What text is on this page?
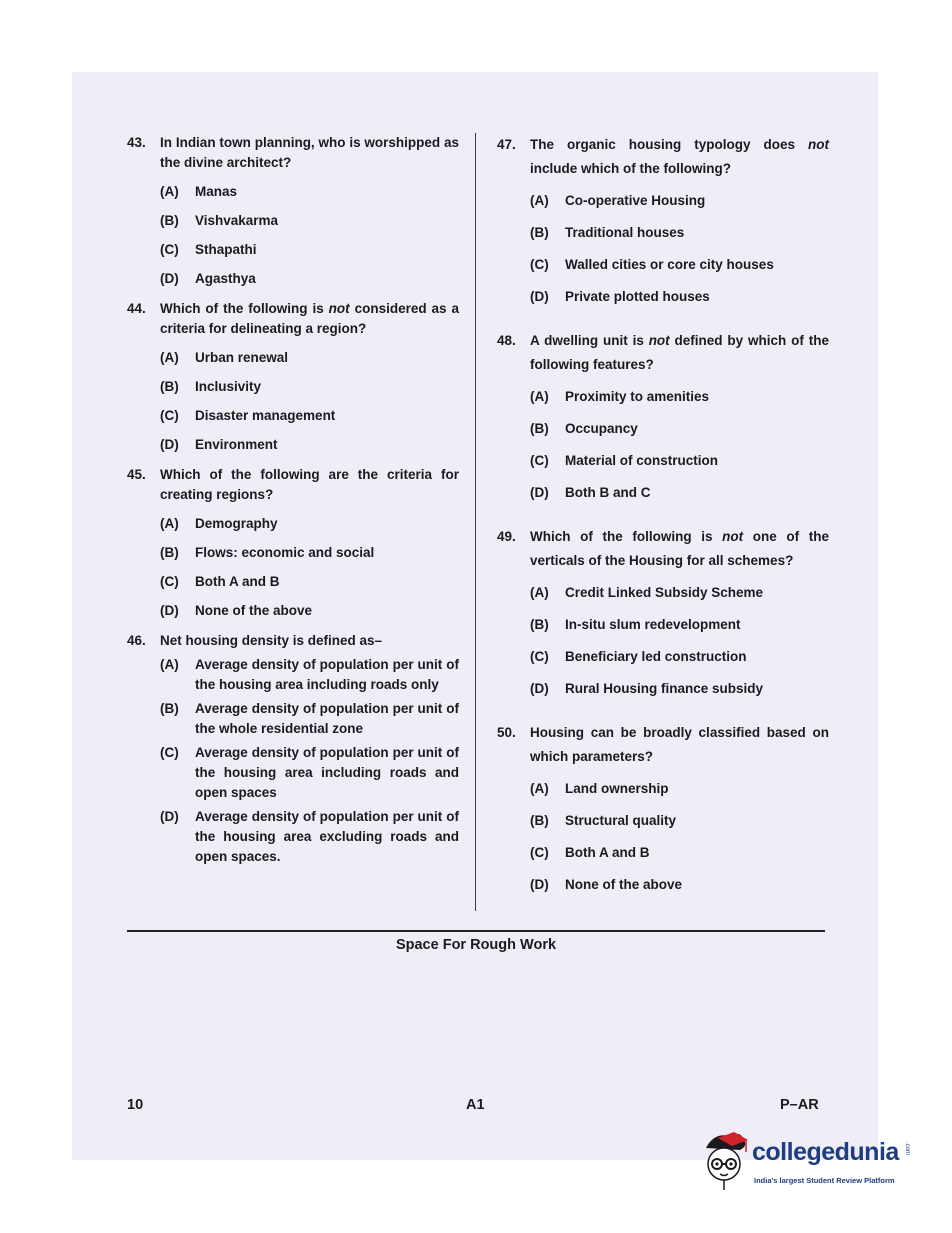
43.	In Indian town planning, who is worshipped as the divine architect?
(A)	Manas
(B)	Vishvakarma
(C)	Sthapathi
(D)	Agasthya
44.	Which of the following is not considered as a criteria for delineating a region?
(A)	Urban renewal
(B)	Inclusivity
(C)	Disaster management
(D)	Environment
45.	Which of the following are the criteria for creating regions?
(A)	Demography
(B)	Flows: economic and social
(C)	Both A and B
(D)	None of the above
46.	Net housing density is defined as–
(A)	Average density of population per unit of the housing area including roads only
(B)	Average density of population per unit of the whole residential zone
(C)	Average density of population per unit of the housing area including roads and open spaces
(D)	Average density of population per unit of the housing area excluding roads and open spaces.
47.	The organic housing typology does not include which of the following?
(A)	Co-operative Housing
(B)	Traditional houses
(C)	Walled cities or core city houses
(D)	Private plotted houses
48.	A dwelling unit is not defined by which of the following features?
(A)	Proximity to amenities
(B)	Occupancy
(C)	Material of construction
(D)	Both B and C
49.	Which of the following is not one of the verticals of the Housing for all schemes?
(A)	Credit Linked Subsidy Scheme
(B)	In-situ slum redevelopment
(C)	Beneficiary led construction
(D)	Rural Housing finance subsidy
50.	Housing can be broadly classified based on which parameters?
(A)	Land ownership
(B)	Structural quality
(C)	Both A and B
(D)	None of the above
Space For Rough Work
10	A1	P–AR
collegedunia .com
India's largest Student Review Platform
